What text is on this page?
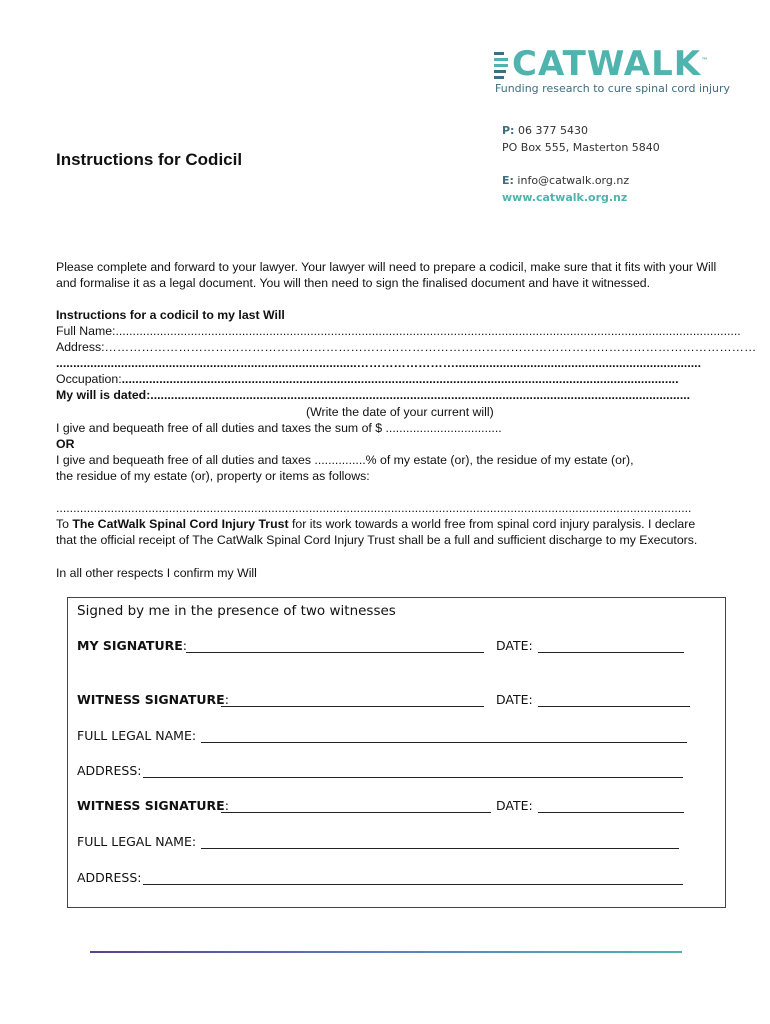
CATWALK™
Funding research to cure spinal cord injury
P: 06 377 5430
PO Box 555, Masterton 5840
E: info@catwalk.org.nz
www.catwalk.org.nz
Instructions for Codicil
Please complete and forward to your lawyer. Your lawyer will need to prepare a codicil, make sure that it fits with your Will and formalise it as a legal document. You will then need to sign the finalised document and have it witnessed.
Instructions for a codicil to my last Will
Full Name:.......................................................................................................................................................................................
Address:……………………………………………………………………………………………………………………………………………
........................................................................................……………………........................................................................
Occupation:...................................................................................................................................................................
My will is dated:..............................................................................................................................................................
(Write the date of your current will)
I give and bequeath free of all duties and taxes the sum of $ ..................................
OR
I give and bequeath free of all duties and taxes ...............% of my estate (or), the residue of my estate (or),
the residue of my estate (or), property or items as follows:
..........................................................................................................................................................................................
To The CatWalk Spinal Cord Injury Trust for its work towards a world free from spinal cord injury paralysis. I declare that the official receipt of The CatWalk Spinal Cord Injury Trust shall be a full and sufficient discharge to my Executors.
In all other respects I confirm my Will
Signed by me in the presence of two witnesses
MY SIGNATURE:	DATE:
WITNESS SIGNATURE:	DATE:
FULL LEGAL NAME:
ADDRESS:
WITNESS SIGNATURE:	DATE:
FULL LEGAL NAME:
ADDRESS:
